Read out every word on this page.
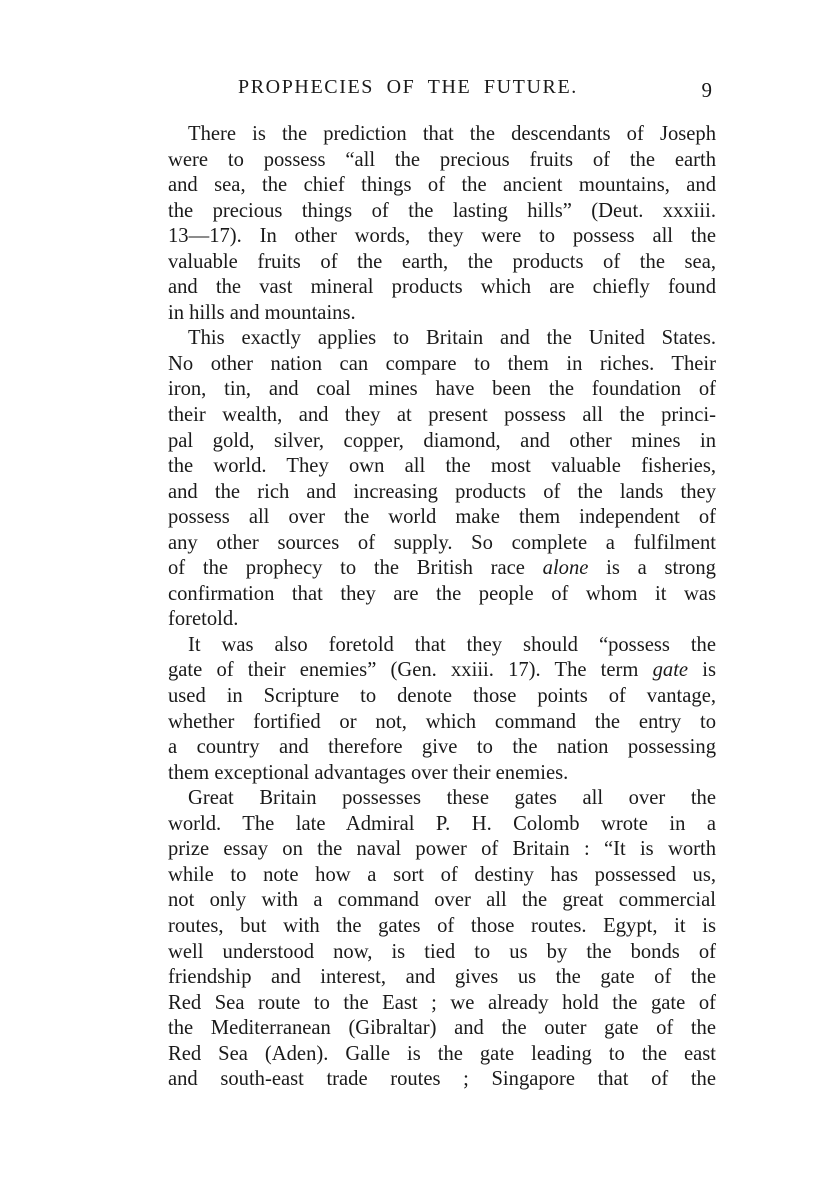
PROPHECIES OF THE FUTURE.	9
There is the prediction that the descendants of Joseph
were to possess “all the precious fruits of the earth
and sea, the chief things of the ancient mountains, and
the precious things of the lasting hills” (Deut. xxxiii.
13—17). In other words, they were to possess all the
valuable fruits of the earth, the products of the sea,
and the vast mineral products which are chiefly found
in hills and mountains.
This exactly applies to Britain and the United States.
No other nation can compare to them in riches. Their
iron, tin, and coal mines have been the foundation of
their wealth, and they at present possess all the princi-
pal gold, silver, copper, diamond, and other mines in
the world. They own all the most valuable fisheries,
and the rich and increasing products of the lands they
possess all over the world make them independent of
any other sources of supply. So complete a fulfilment
of the prophecy to the British race alone is a strong
confirmation that they are the people of whom it was
foretold.
It was also foretold that they should “possess the
gate of their enemies” (Gen. xxiii. 17). The term gate is
used in Scripture to denote those points of vantage,
whether fortified or not, which command the entry to
a country and therefore give to the nation possessing
them exceptional advantages over their enemies.
Great Britain possesses these gates all over the
world. The late Admiral P. H. Colomb wrote in a
prize essay on the naval power of Britain : “It is worth
while to note how a sort of destiny has possessed us,
not only with a command over all the great commercial
routes, but with the gates of those routes. Egypt, it is
well understood now, is tied to us by the bonds of
friendship and interest, and gives us the gate of the
Red Sea route to the East ; we already hold the gate of
the Mediterranean (Gibraltar) and the outer gate of the
Red Sea (Aden). Galle is the gate leading to the east
and south-east trade routes ; Singapore that of the
